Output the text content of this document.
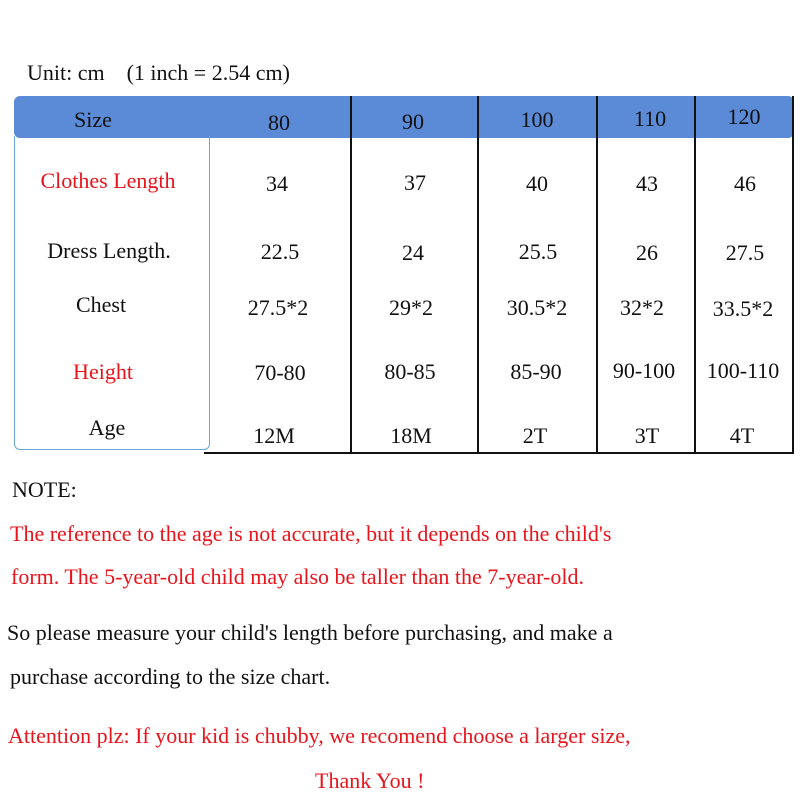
Unit: cm    (1 inch = 2.54 cm)
Size	80	90	100	110	120
Clothes Length	34	37	40	43	46
Dress Length.	22.5	24	25.5	26	27.5
Chest	27.5*2	29*2	30.5*2 32*2 33.5*2
Height	70-80	80-85	85-90 90-100 100-110
Age	12M	18M	2T	3T	4T
NOTE:
The reference to the age is not accurate, but it depends on the child's
form. The 5-year-old child may also be taller than the 7-year-old.
So please measure your child's length before purchasing, and make a
purchase according to the size chart.
Attention plz: If your kid is chubby, we recomend choose a larger size,
Thank You !
